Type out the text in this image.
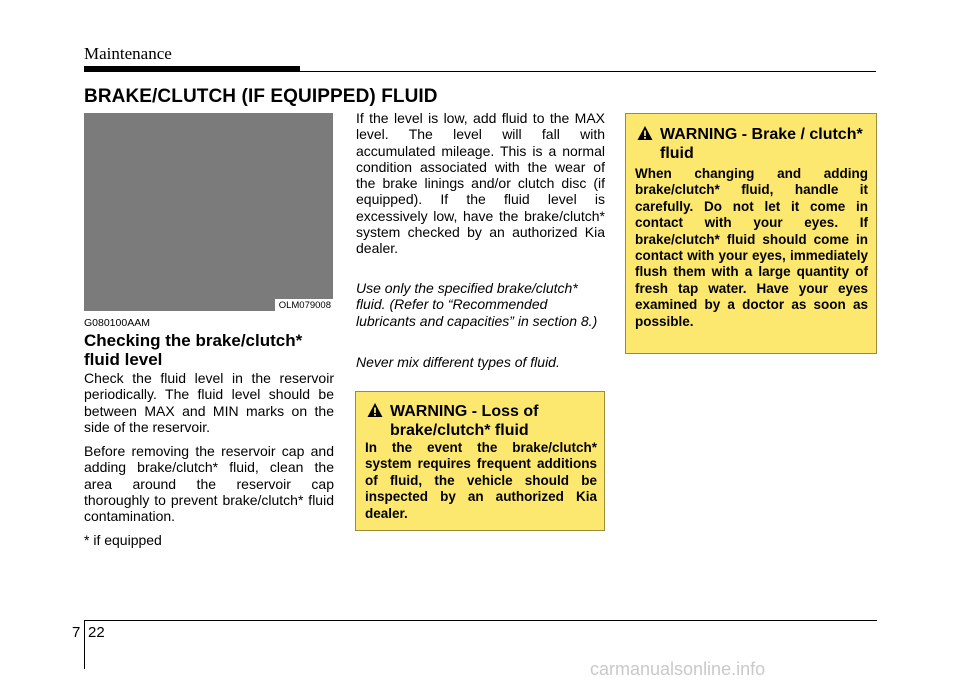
Maintenance
BRAKE/CLUTCH (IF EQUIPPED) FLUID
OLM079008
G080100AAM
Checking the brake/clutch* fluid level
Check the fluid level in the reservoir periodically. The fluid level should be between MAX and MIN marks on the side of the reservoir.
Before removing the reservoir cap and adding brake/clutch* fluid, clean the area around the reservoir cap thoroughly to prevent brake/clutch* fluid contamination.
* if equipped
If the level is low, add fluid to the MAX level. The level will fall with accumulated mileage. This is a normal condition associated with the wear of the brake linings and/or clutch disc (if equipped). If the fluid level is excessively low, have the brake/clutch* system checked by an authorized Kia dealer.
Use only the specified brake/clutch* fluid. (Refer to “Recommended lubricants and capacities” in section 8.)
Never mix different types of fluid.
WARNING - Loss of brake/clutch* fluid
In the event the brake/clutch* system requires frequent additions of fluid, the vehicle should be inspected by an authorized Kia dealer.
WARNING - Brake / clutch* fluid
When changing and adding brake/clutch* fluid, handle it carefully. Do not let it come in contact with your eyes. If brake/clutch* fluid should come in contact with your eyes, immediately flush them with a large quantity of fresh tap water. Have your eyes examined by a doctor as soon as possible.
7 22
carmanualsonline.info
